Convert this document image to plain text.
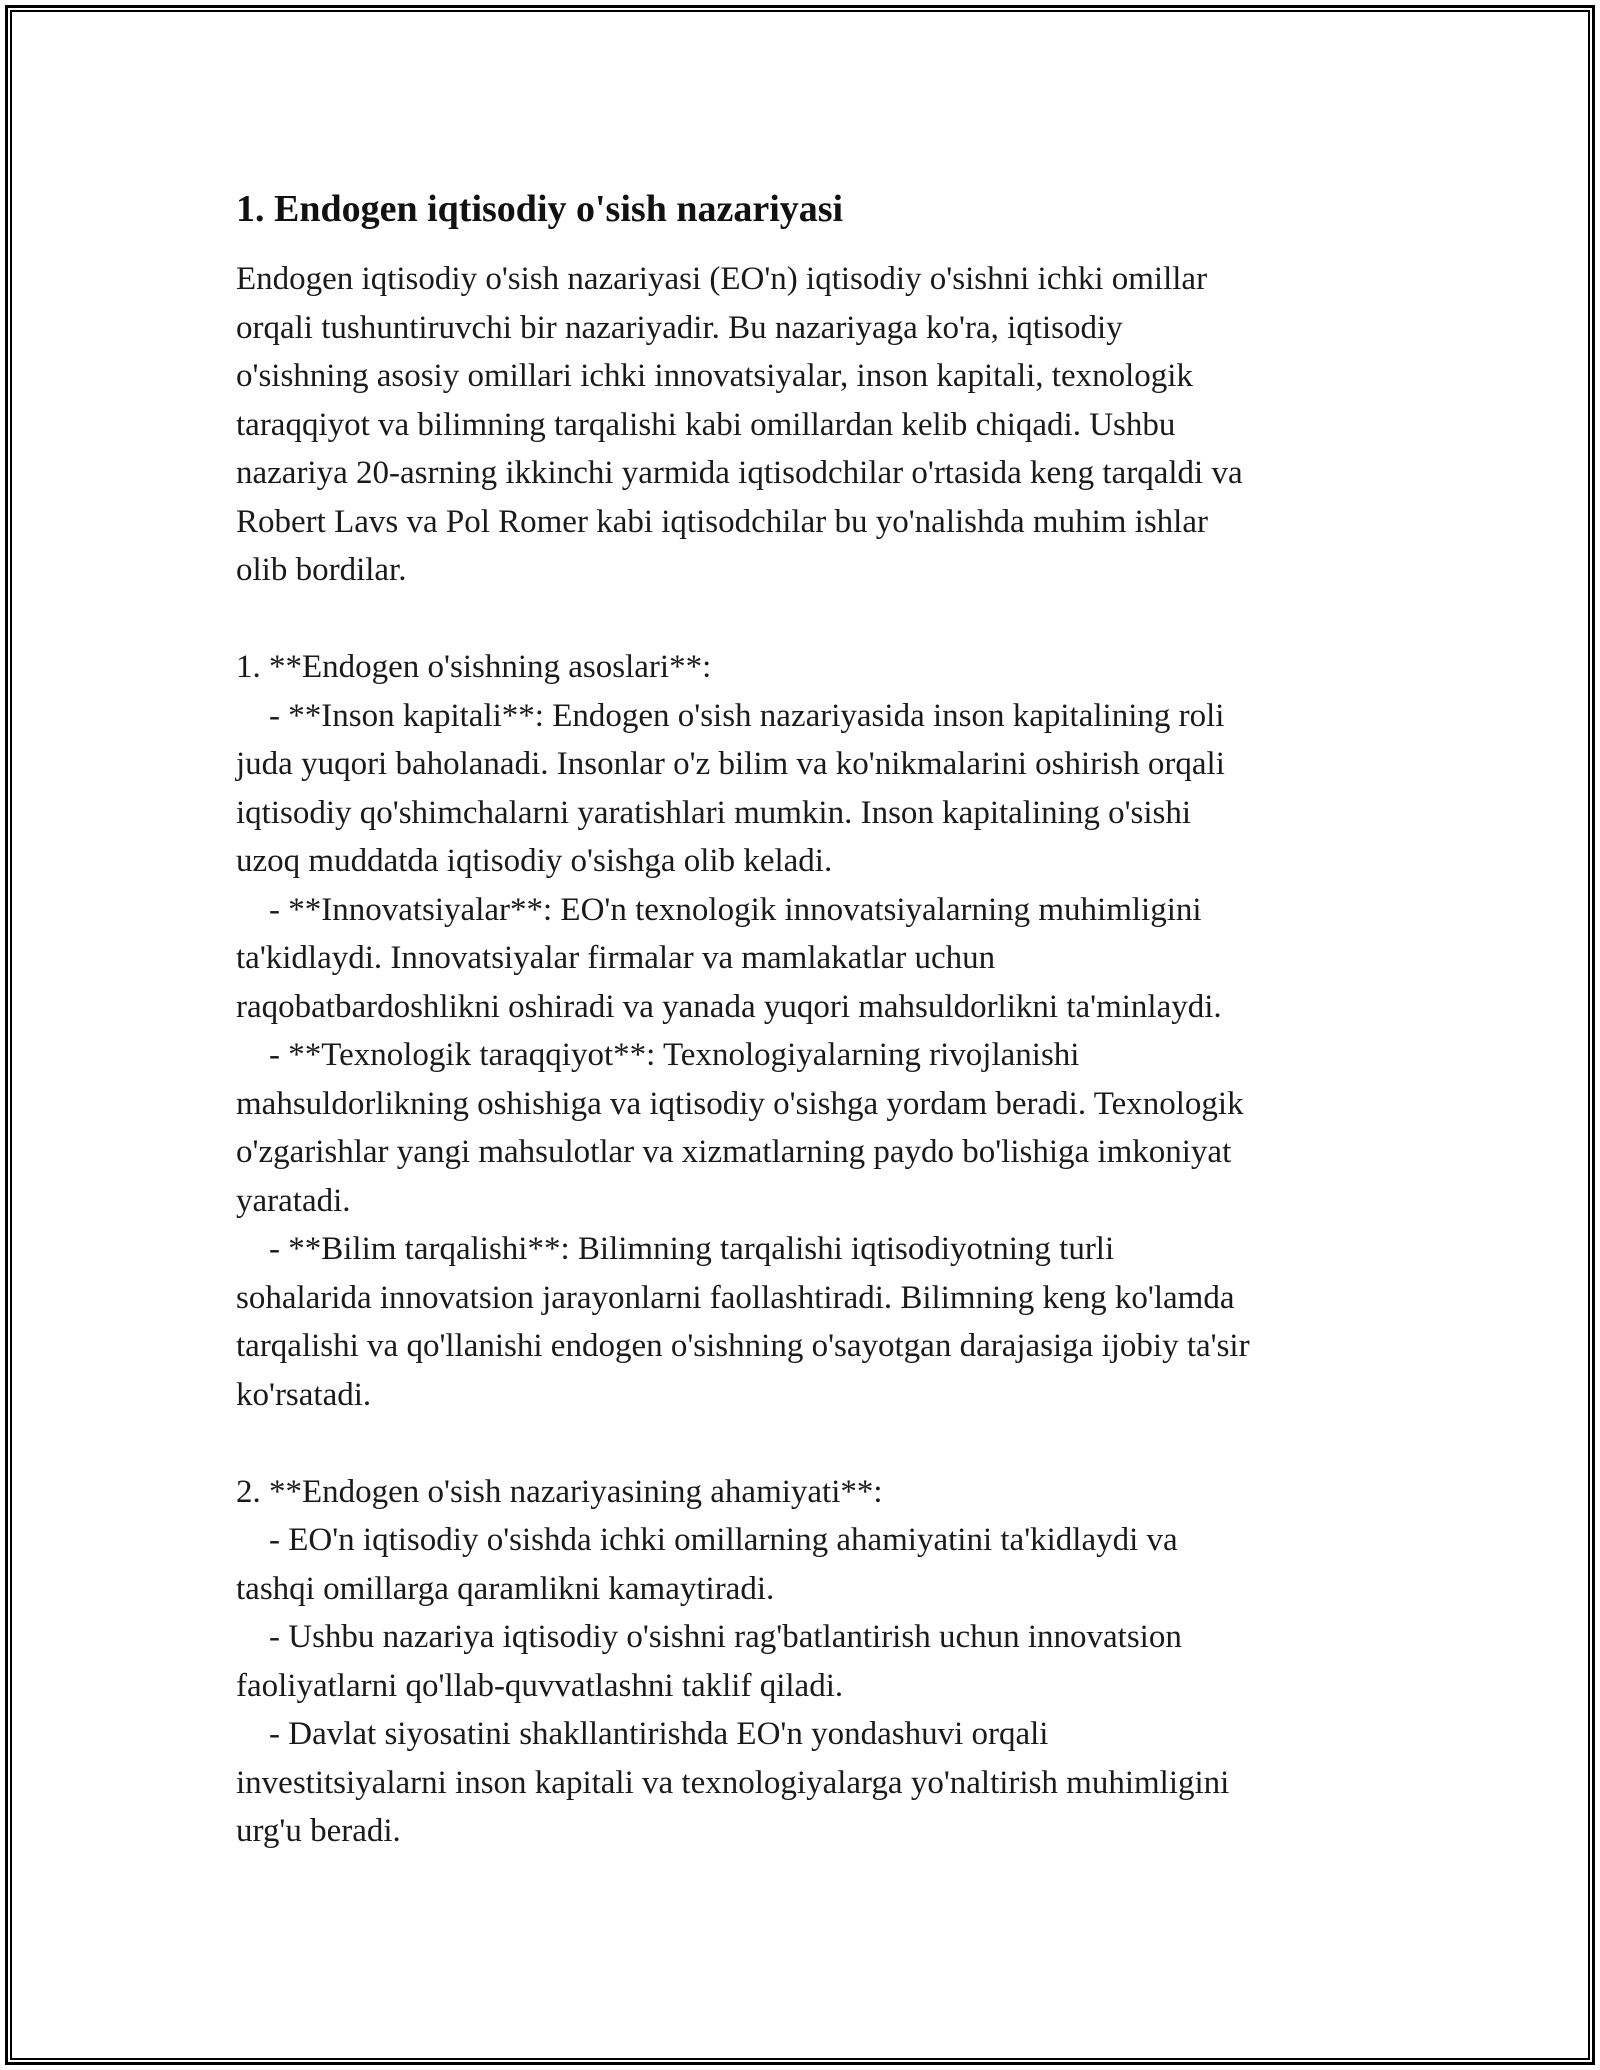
1. Endogen iqtisodiy o'sish nazariyasi
Endogen iqtisodiy o'sish nazariyasi (EO'n) iqtisodiy o'sishni ichki omillar
orqali tushuntiruvchi bir nazariyadir. Bu nazariyaga ko'ra, iqtisodiy
o'sishning asosiy omillari ichki innovatsiyalar, inson kapitali, texnologik
taraqqiyot va bilimning tarqalishi kabi omillardan kelib chiqadi. Ushbu
nazariya 20-asrning ikkinchi yarmida iqtisodchilar o'rtasida keng tarqaldi va
Robert Lavs va Pol Romer kabi iqtisodchilar bu yo'nalishda muhim ishlar
olib bordilar.
1. **Endogen o'sishning asoslari**:
- **Inson kapitali**: Endogen o'sish nazariyasida inson kapitalining roli
juda yuqori baholanadi. Insonlar o'z bilim va ko'nikmalarini oshirish orqali
iqtisodiy qo'shimchalarni yaratishlari mumkin. Inson kapitalining o'sishi
uzoq muddatda iqtisodiy o'sishga olib keladi.
- **Innovatsiyalar**: EO'n texnologik innovatsiyalarning muhimligini
ta'kidlaydi. Innovatsiyalar firmalar va mamlakatlar uchun
raqobatbardoshlikni oshiradi va yanada yuqori mahsuldorlikni ta'minlaydi.
- **Texnologik taraqqiyot**: Texnologiyalarning rivojlanishi
mahsuldorlikning oshishiga va iqtisodiy o'sishga yordam beradi. Texnologik
o'zgarishlar yangi mahsulotlar va xizmatlarning paydo bo'lishiga imkoniyat
yaratadi.
- **Bilim tarqalishi**: Bilimning tarqalishi iqtisodiyotning turli
sohalarida innovatsion jarayonlarni faollashtiradi. Bilimning keng ko'lamda
tarqalishi va qo'llanishi endogen o'sishning o'sayotgan darajasiga ijobiy ta'sir
ko'rsatadi.
2. **Endogen o'sish nazariyasining ahamiyati**:
- EO'n iqtisodiy o'sishda ichki omillarning ahamiyatini ta'kidlaydi va
tashqi omillarga qaramlikni kamaytiradi.
- Ushbu nazariya iqtisodiy o'sishni rag'batlantirish uchun innovatsion
faoliyatlarni qo'llab-quvvatlashni taklif qiladi.
- Davlat siyosatini shakllantirishda EO'n yondashuvi orqali
investitsiyalarni inson kapitali va texnologiyalarga yo'naltirish muhimligini
urg'u beradi.
